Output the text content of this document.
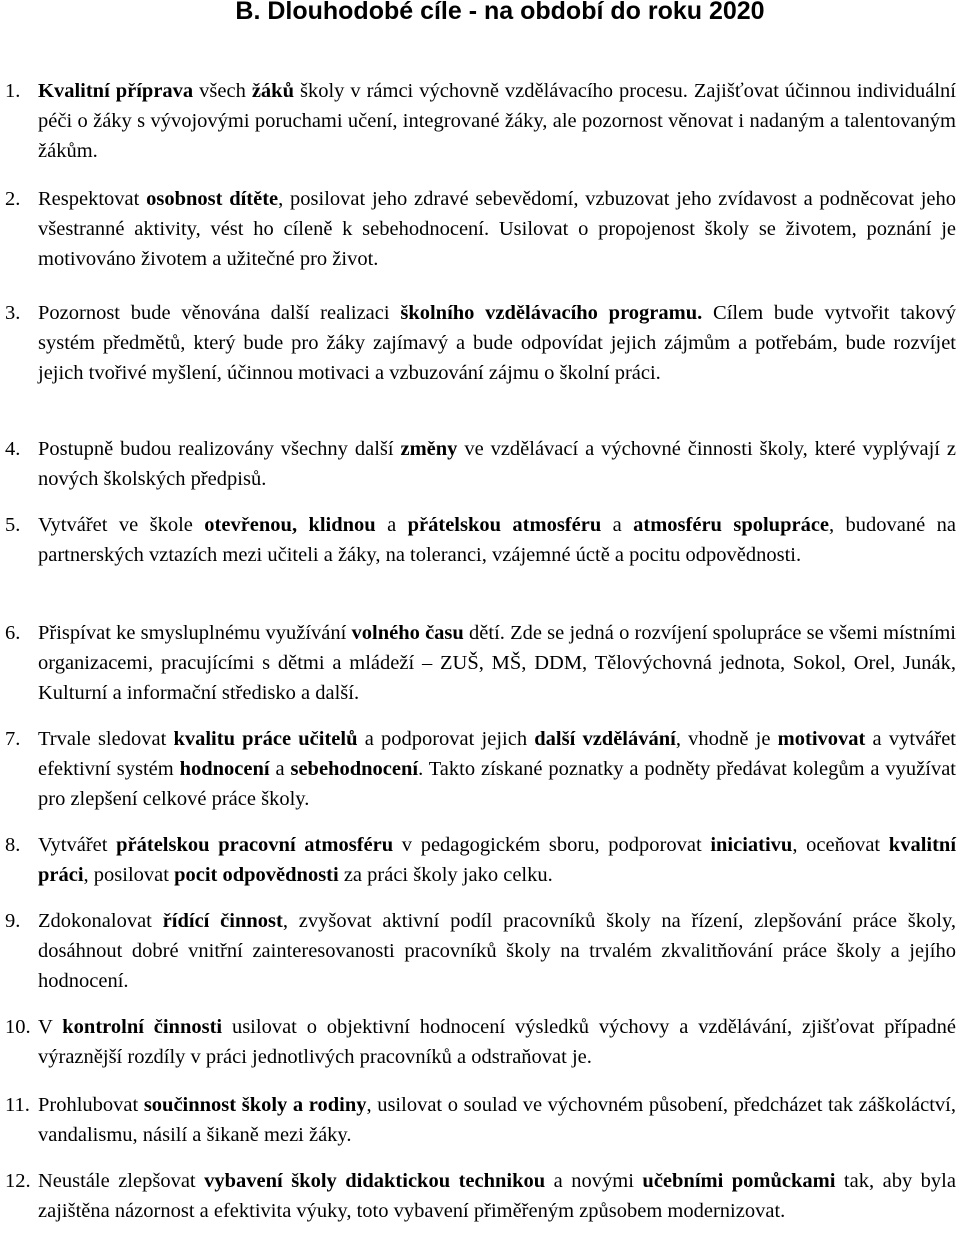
B. Dlouhodobé cíle - na období do roku 2020
1. Kvalitní příprava všech žáků školy v rámci výchovně vzdělávacího procesu. Zajišťovat účinnou individuální péči o žáky s vývojovými poruchami učení, integrované žáky, ale pozornost věnovat i nadaným a talentovaným žákům.
2. Respektovat osobnost dítěte, posilovat jeho zdravé sebevědomí, vzbuzovat jeho zvídavost a podněcovat jeho všestranné aktivity, vést ho cíleně k sebehodnocení. Usilovat o propojenost školy se životem, poznání je motivováno životem a užitečné pro život.
3. Pozornost bude věnována další realizaci školního vzdělávacího programu. Cílem bude vytvořit takový systém předmětů, který bude pro žáky zajímavý a bude odpovídat jejich zájmům a potřebám, bude rozvíjet jejich tvořivé myšlení, účinnou motivaci a vzbuzování zájmu o školní práci.
4. Postupně budou realizovány všechny další změny ve vzdělávací a výchovné činnosti školy, které vyplývají z nových školských předpisů.
5. Vytvářet ve škole otevřenou, klidnou a přátelskou atmosféru a atmosféru spolupráce, budované na partnerských vztazích mezi učiteli a žáky, na toleranci, vzájemné úctě a pocitu odpovědnosti.
6. Přispívat ke smysluplnému využívání volného času dětí. Zde se jedná o rozvíjení spolupráce se všemi místními organizacemi, pracujícími s dětmi a mládeží – ZUŠ, MŠ, DDM, Tělovýchovná jednota, Sokol, Orel, Junák, Kulturní a informační středisko a další.
7. Trvale sledovat kvalitu práce učitelů a podporovat jejich další vzdělávání, vhodně je motivovat a vytvářet efektivní systém hodnocení a sebehodnocení. Takto získané poznatky a podněty předávat kolegům a využívat pro zlepšení celkové práce školy.
8. Vytvářet přátelskou pracovní atmosféru v pedagogickém sboru, podporovat iniciativu, oceňovat kvalitní práci, posilovat pocit odpovědnosti za práci školy jako celku.
9. Zdokonalovat řídící činnost, zvyšovat aktivní podíl pracovníků školy na řízení, zlepšování práce školy, dosáhnout dobré vnitřní zainteresovanosti pracovníků školy na trvalém zkvalitňování práce školy a jejího hodnocení.
10. V kontrolní činnosti usilovat o objektivní hodnocení výsledků výchovy a vzdělávání, zjišťovat případné výraznější rozdíly v práci jednotlivých pracovníků a odstraňovat je.
11. Prohlubovat součinnost školy a rodiny, usilovat o soulad ve výchovném působení, předcházet tak záškoláctví, vandalismu, násilí a šikaně mezi žáky.
12. Neustále zlepšovat vybavení školy didaktickou technikou a novými učebními pomůckami tak, aby byla zajištěna názornost a efektivita výuky, toto vybavení přiměřeným způsobem modernizovat.
